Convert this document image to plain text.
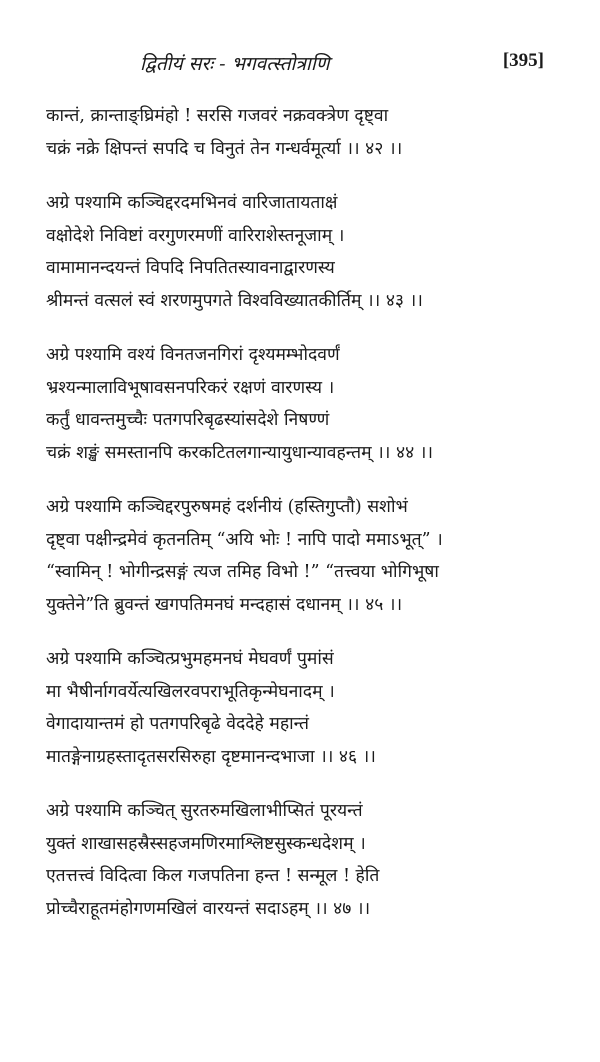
द्वितीयं सरः - भगवत्स्तोत्राणि	[395]
कान्तं, क्रान्ताङ्घ्रिमंहो ! सरसि गजवरं नक्रवक्त्रेण दृष्ट्वा
चक्रं नक्रे क्षिपन्तं सपदि च विनुतं तेन गन्धर्वमूर्त्या ।। ४२ ।।
अग्रे पश्यामि कञ्चिद्दरदमभिनवं वारिजातायताक्षं
वक्षोदेशे निविष्टां वरगुणरमणीं वारिराशेस्तनूजाम् ।
वामामानन्दयन्तं विपदि निपतितस्यावनाद्वारणस्य
श्रीमन्तं वत्सलं स्वं शरणमुपगते विश्वविख्यातकीर्तिम् ।। ४३ ।।
अग्रे पश्यामि वश्यं विनतजनगिरां दृश्यमम्भोदवर्णं
भ्रश्यन्मालाविभूषावसनपरिकरं रक्षणं वारणस्य ।
कर्तुं धावन्तमुच्चैः पतगपरिबृढस्यांसदेशे निषण्णं
चक्रं शङ्खं समस्तानपि करकटितलगान्यायुधान्यावहन्तम् ।। ४४ ।।
अग्रे पश्यामि कञ्चिद्दरपुरुषमहं दर्शनीयं (हस्तिगुप्तौ) सशोभं
दृष्ट्वा पक्षीन्द्रमेवं कृतनतिम् “अयि भोः ! नापि पादो ममाऽभूत्” ।
“स्वामिन् ! भोगीन्द्रसङ्गं त्यज तमिह विभो !” “तत्त्वया भोगिभूषा
युक्तेने”ति ब्रुवन्तं खगपतिमनघं मन्दहासं दधानम् ।। ४५ ।।
अग्रे पश्यामि कञ्चित्प्रभुमहमनघं मेघवर्णं पुमांसं
मा भैषीर्नागवर्येत्यखिलरवपराभूतिकृन्मेघनादम् ।
वेगादायान्तमं हो पतगपरिबृढे वेददेहे महान्तं
मातङ्गेनाग्रहस्तादृतसरसिरुहा दृष्टमानन्दभाजा ।। ४६ ।।
अग्रे पश्यामि कञ्चित् सुरतरुमखिलाभीप्सितं पूरयन्तं
युक्तं शाखासहस्रैस्सहजमणिरमाश्लिष्टसुस्कन्धदेशम् ।
एतत्तत्त्वं विदित्वा किल गजपतिना हन्त ! सन्मूल ! हेति
प्रोच्चैराहूतमंहोगणमखिलं वारयन्तं सदाऽहम् ।। ४७ ।।
